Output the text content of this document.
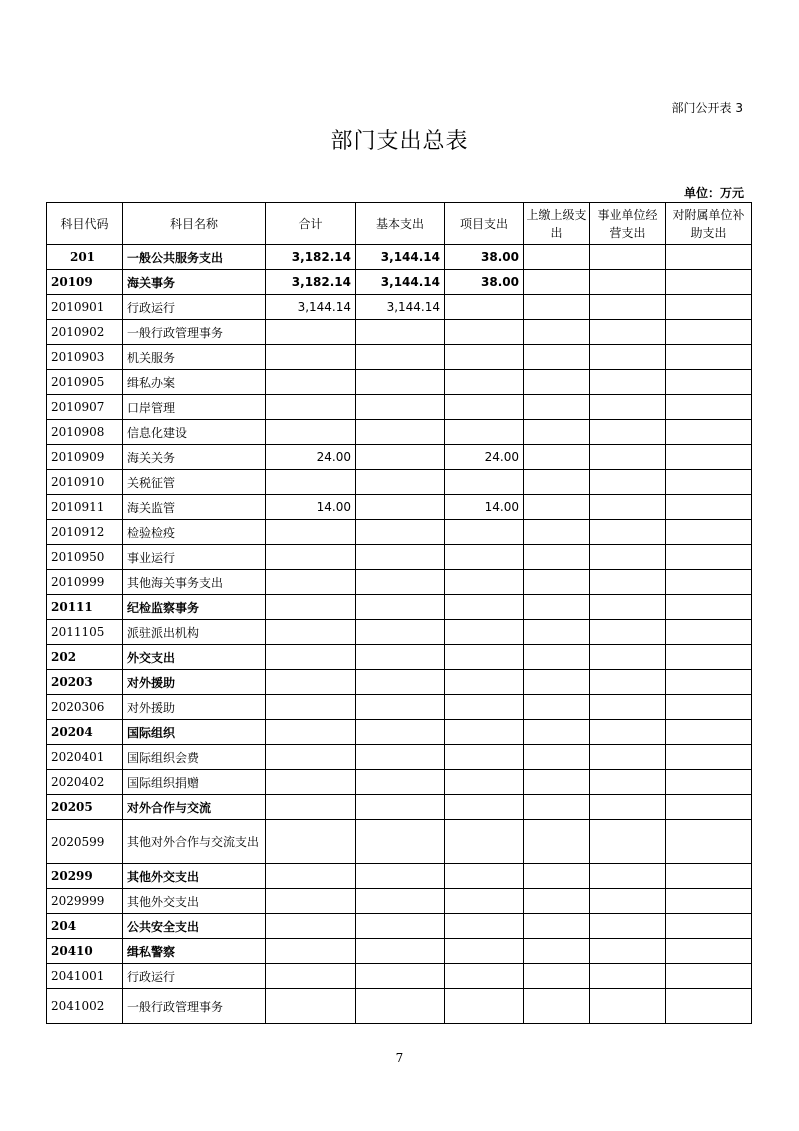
部门公开表 3
部门支出总表
单位：万元
科目代码	科目名称	合计	基本支出	项目支出	上缴上级支出	事业单位经营支出	对附属单位补助支出
201	一般公共服务支出	3,182.14	3,144.14	38.00			
20109	海关事务	3,182.14	3,144.14	38.00			
2010901	行政运行	3,144.14	3,144.14				
2010902	一般行政管理事务						
2010903	机关服务						
2010905	缉私办案						
2010907	口岸管理						
2010908	信息化建设						
2010909	海关关务	24.00		24.00			
2010910	关税征管						
2010911	海关监管	14.00		14.00			
2010912	检验检疫						
2010950	事业运行						
2010999	其他海关事务支出						
20111	纪检监察事务						
2011105	派驻派出机构						
202	外交支出						
20203	对外援助						
2020306	对外援助						
20204	国际组织						
2020401	国际组织会费						
2020402	国际组织捐赠						
20205	对外合作与交流						
2020599	其他对外合作与交流支出						
20299	其他外交支出						
2029999	其他外交支出						
204	公共安全支出						
20410	缉私警察						
2041001	行政运行						
2041002	一般行政管理事务						
7
